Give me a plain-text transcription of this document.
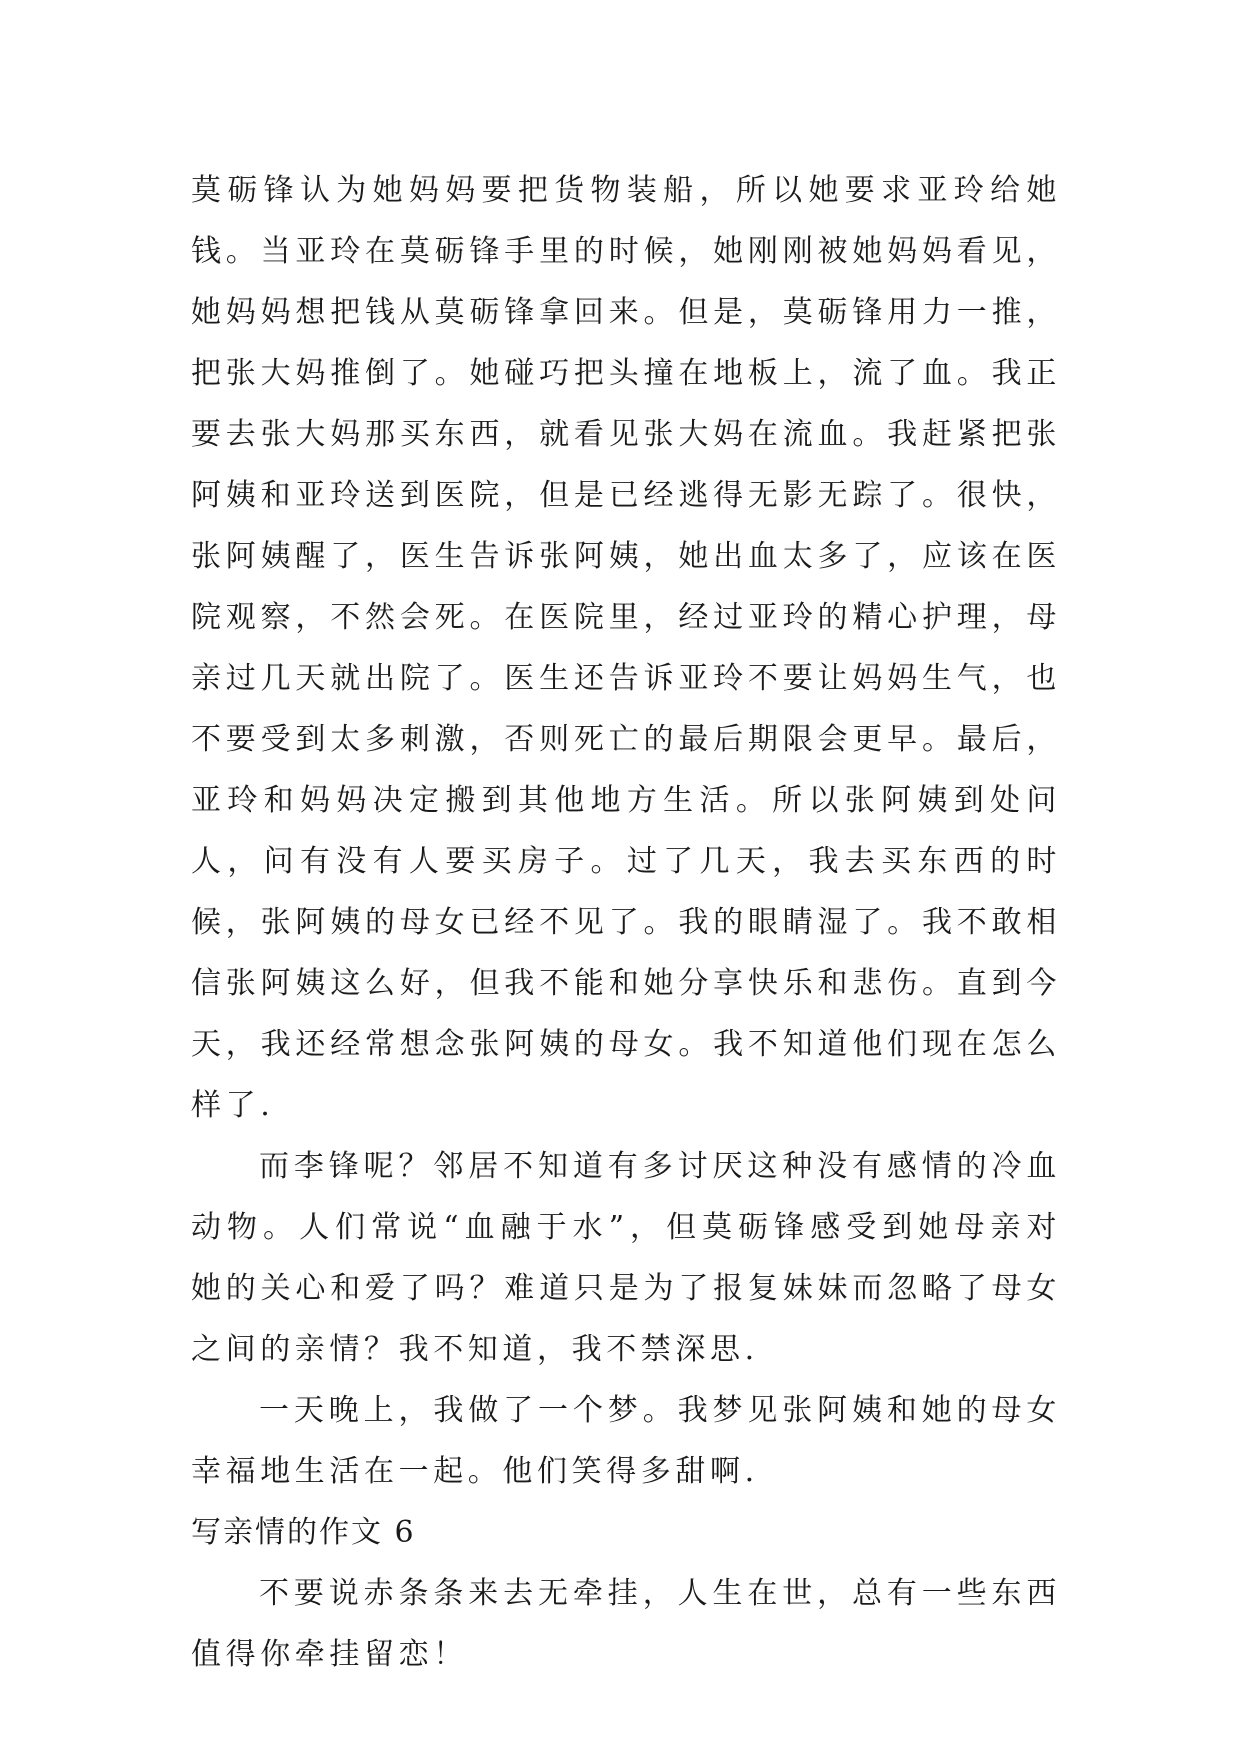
莫砺锋认为她妈妈要把货物装船，所以她要求亚玲给她钱。当亚玲在莫砺锋手里的时候，她刚刚被她妈妈看见，她妈妈想把钱从莫砺锋拿回来。但是，莫砺锋用力一推，把张大妈推倒了。她碰巧把头撞在地板上，流了血。我正要去张大妈那买东西，就看见张大妈在流血。我赶紧把张阿姨和亚玲送到医院，但是已经逃得无影无踪了。很快，张阿姨醒了，医生告诉张阿姨，她出血太多了，应该在医院观察，不然会死。在医院里，经过亚玲的精心护理，母亲过几天就出院了。医生还告诉亚玲不要让妈妈生气，也不要受到太多刺激，否则死亡的最后期限会更早。最后，亚玲和妈妈决定搬到其他地方生活。所以张阿姨到处问人，问有没有人要买房子。过了几天，我去买东西的时候，张阿姨的母女已经不见了。我的眼睛湿了。我不敢相信张阿姨这么好，但我不能和她分享快乐和悲伤。直到今天，我还经常想念张阿姨的母女。我不知道他们现在怎么样了.

而李锋呢？邻居不知道有多讨厌这种没有感情的冷血动物。人们常说“血融于水”，但莫砺锋感受到她母亲对她的关心和爱了吗？难道只是为了报复妹妹而忽略了母女之间的亲情？我不知道，我不禁深思.

一天晚上，我做了一个梦。我梦见张阿姨和她的母女幸福地生活在一起。他们笑得多甜啊.

写亲情的作文 6

不要说赤条条来去无牵挂，人生在世，总有一些东西值得你牵挂留恋！
